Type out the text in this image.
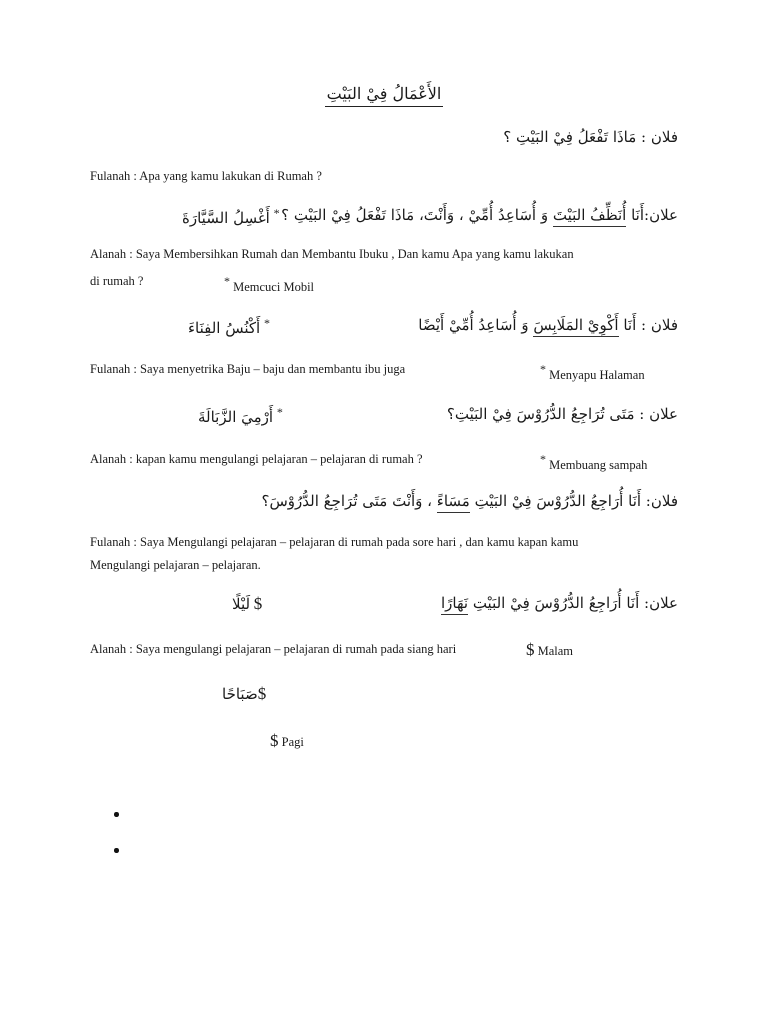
الأَعْمَالُ فِيْ البَيْتِ
فلان : مَاذَا تَفْعَلُ فِيْ البَيْتِ ؟
Fulanah : Apa yang kamu lakukan di Rumah ?
علان:أَنَا أُنَظِّفُ البَيْتَ وَ أُسَاعِدُ أُمِّيْ ، وَأَنْتَ، مَاذَا تَفْعَلُ فِيْ البَيْتِ ؟
أَغْسِلُ السَّيَّارَةَ *
Alanah : Saya Membersihkan Rumah dan Membantu Ibuku , Dan kamu Apa yang kamu lakukan
di rumah ?	* Memcuci Mobil
فلان : أَنَا أَكْوِيْ المَلَابِسَ وَ أُسَاعِدُ أُمِّيْ أَيْضًا
أَكْنُسُ الفِنَاءَ *
Fulanah : Saya menyetrika Baju – baju dan membantu ibu juga	* Menyapu Halaman
علان : مَتَى تُرَاجِعُ الدُّرُوْسَ فِيْ البَيْتِ؟
أَرْمِيَ الزَّبَالَةَ *
Alanah : kapan kamu mengulangi pelajaran – pelajaran di rumah ?	* Membuang sampah
فلان: أَنَا أُرَاجِعُ الدُّرُوْسَ فِيْ البَيْتِ مَسَاءً ، وَأَنْتَ مَتَى تُرَاجِعُ الدُّرُوْسَ؟
Fulanah : Saya Mengulangi pelajaran – pelajaran di rumah pada sore hari , dan kamu kapan kamu
Mengulangi pelajaran – pelajaran.
علان: أَنَا أُرَاجِعُ الدُّرُوْسَ فِيْ البَيْتِ نَهَارًا
لَيْلًا $
Alanah : Saya mengulangi pelajaran – pelajaran di rumah pada siang hari	$ Malam
صَبَاحًا$
$ Pagi
